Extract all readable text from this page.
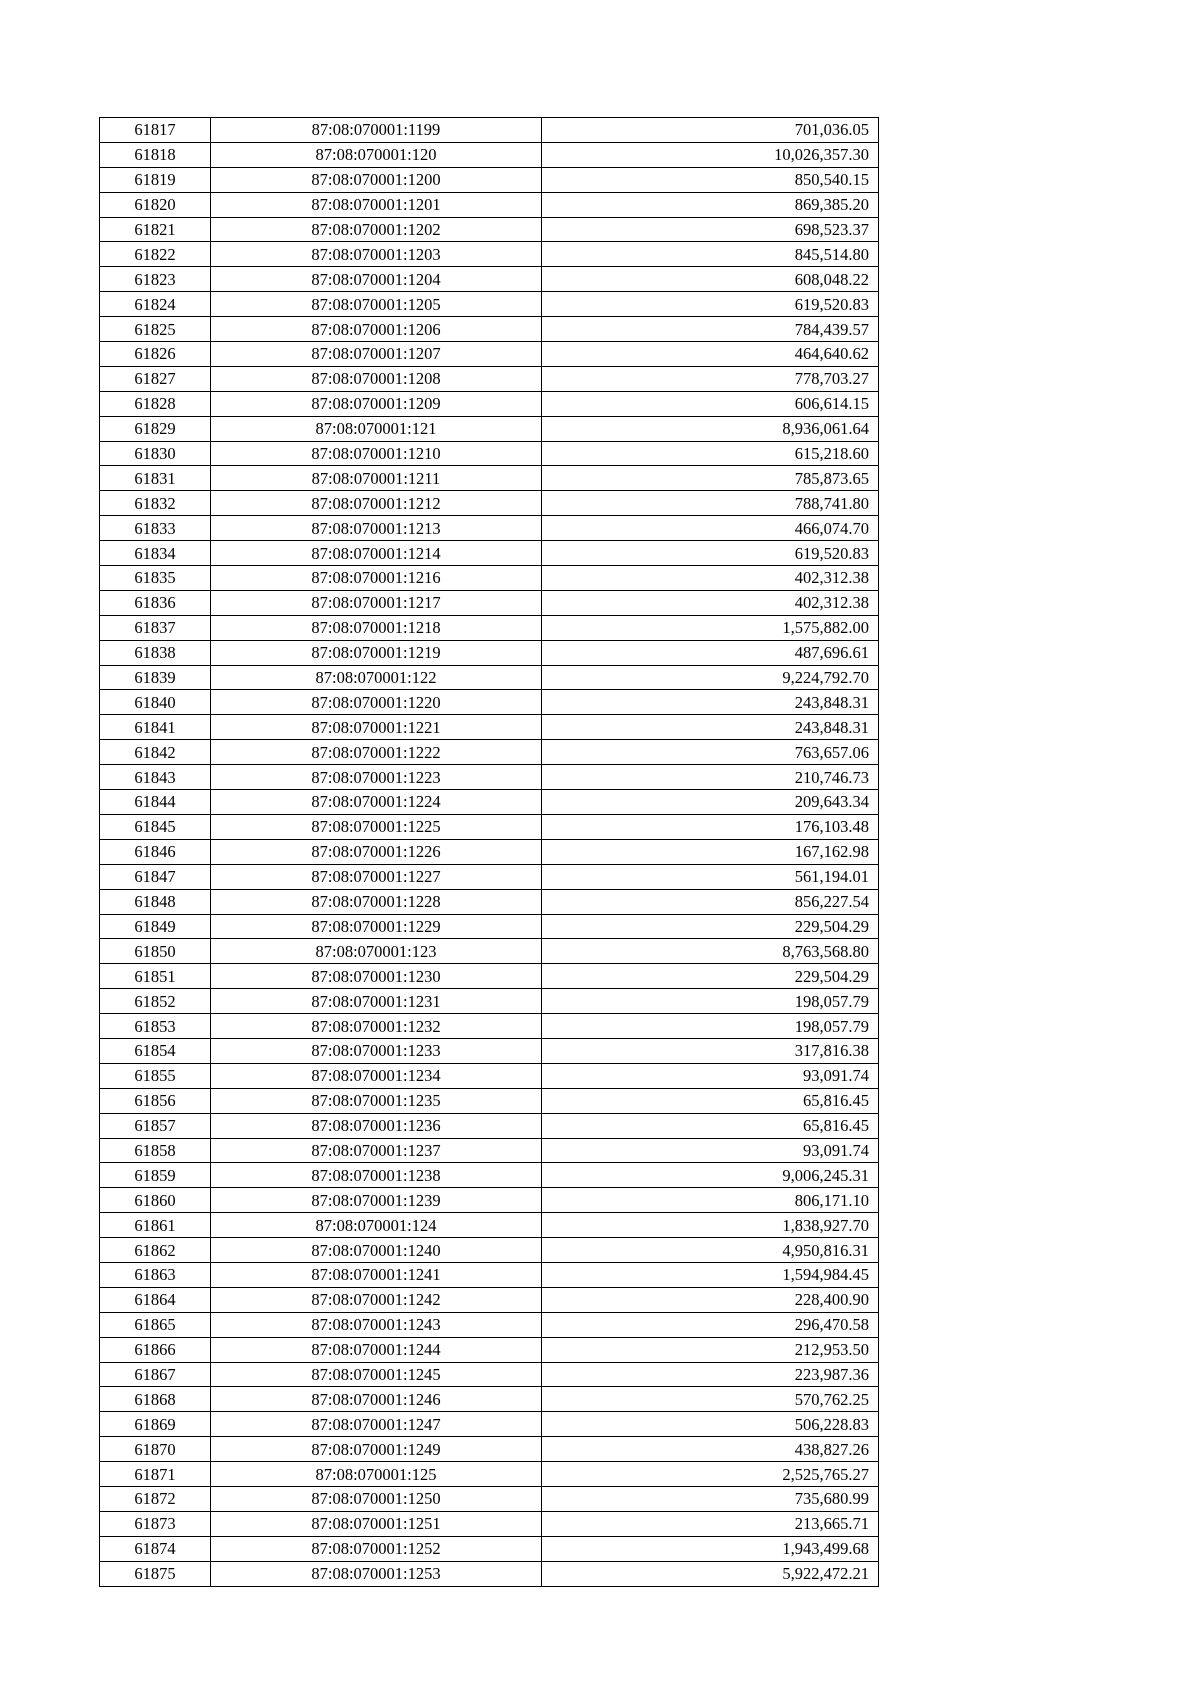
61817	87:08:070001:1199	701,036.05
61818	87:08:070001:120	10,026,357.30
61819	87:08:070001:1200	850,540.15
61820	87:08:070001:1201	869,385.20
61821	87:08:070001:1202	698,523.37
61822	87:08:070001:1203	845,514.80
61823	87:08:070001:1204	608,048.22
61824	87:08:070001:1205	619,520.83
61825	87:08:070001:1206	784,439.57
61826	87:08:070001:1207	464,640.62
61827	87:08:070001:1208	778,703.27
61828	87:08:070001:1209	606,614.15
61829	87:08:070001:121	8,936,061.64
61830	87:08:070001:1210	615,218.60
61831	87:08:070001:1211	785,873.65
61832	87:08:070001:1212	788,741.80
61833	87:08:070001:1213	466,074.70
61834	87:08:070001:1214	619,520.83
61835	87:08:070001:1216	402,312.38
61836	87:08:070001:1217	402,312.38
61837	87:08:070001:1218	1,575,882.00
61838	87:08:070001:1219	487,696.61
61839	87:08:070001:122	9,224,792.70
61840	87:08:070001:1220	243,848.31
61841	87:08:070001:1221	243,848.31
61842	87:08:070001:1222	763,657.06
61843	87:08:070001:1223	210,746.73
61844	87:08:070001:1224	209,643.34
61845	87:08:070001:1225	176,103.48
61846	87:08:070001:1226	167,162.98
61847	87:08:070001:1227	561,194.01
61848	87:08:070001:1228	856,227.54
61849	87:08:070001:1229	229,504.29
61850	87:08:070001:123	8,763,568.80
61851	87:08:070001:1230	229,504.29
61852	87:08:070001:1231	198,057.79
61853	87:08:070001:1232	198,057.79
61854	87:08:070001:1233	317,816.38
61855	87:08:070001:1234	93,091.74
61856	87:08:070001:1235	65,816.45
61857	87:08:070001:1236	65,816.45
61858	87:08:070001:1237	93,091.74
61859	87:08:070001:1238	9,006,245.31
61860	87:08:070001:1239	806,171.10
61861	87:08:070001:124	1,838,927.70
61862	87:08:070001:1240	4,950,816.31
61863	87:08:070001:1241	1,594,984.45
61864	87:08:070001:1242	228,400.90
61865	87:08:070001:1243	296,470.58
61866	87:08:070001:1244	212,953.50
61867	87:08:070001:1245	223,987.36
61868	87:08:070001:1246	570,762.25
61869	87:08:070001:1247	506,228.83
61870	87:08:070001:1249	438,827.26
61871	87:08:070001:125	2,525,765.27
61872	87:08:070001:1250	735,680.99
61873	87:08:070001:1251	213,665.71
61874	87:08:070001:1252	1,943,499.68
61875	87:08:070001:1253	5,922,472.21
